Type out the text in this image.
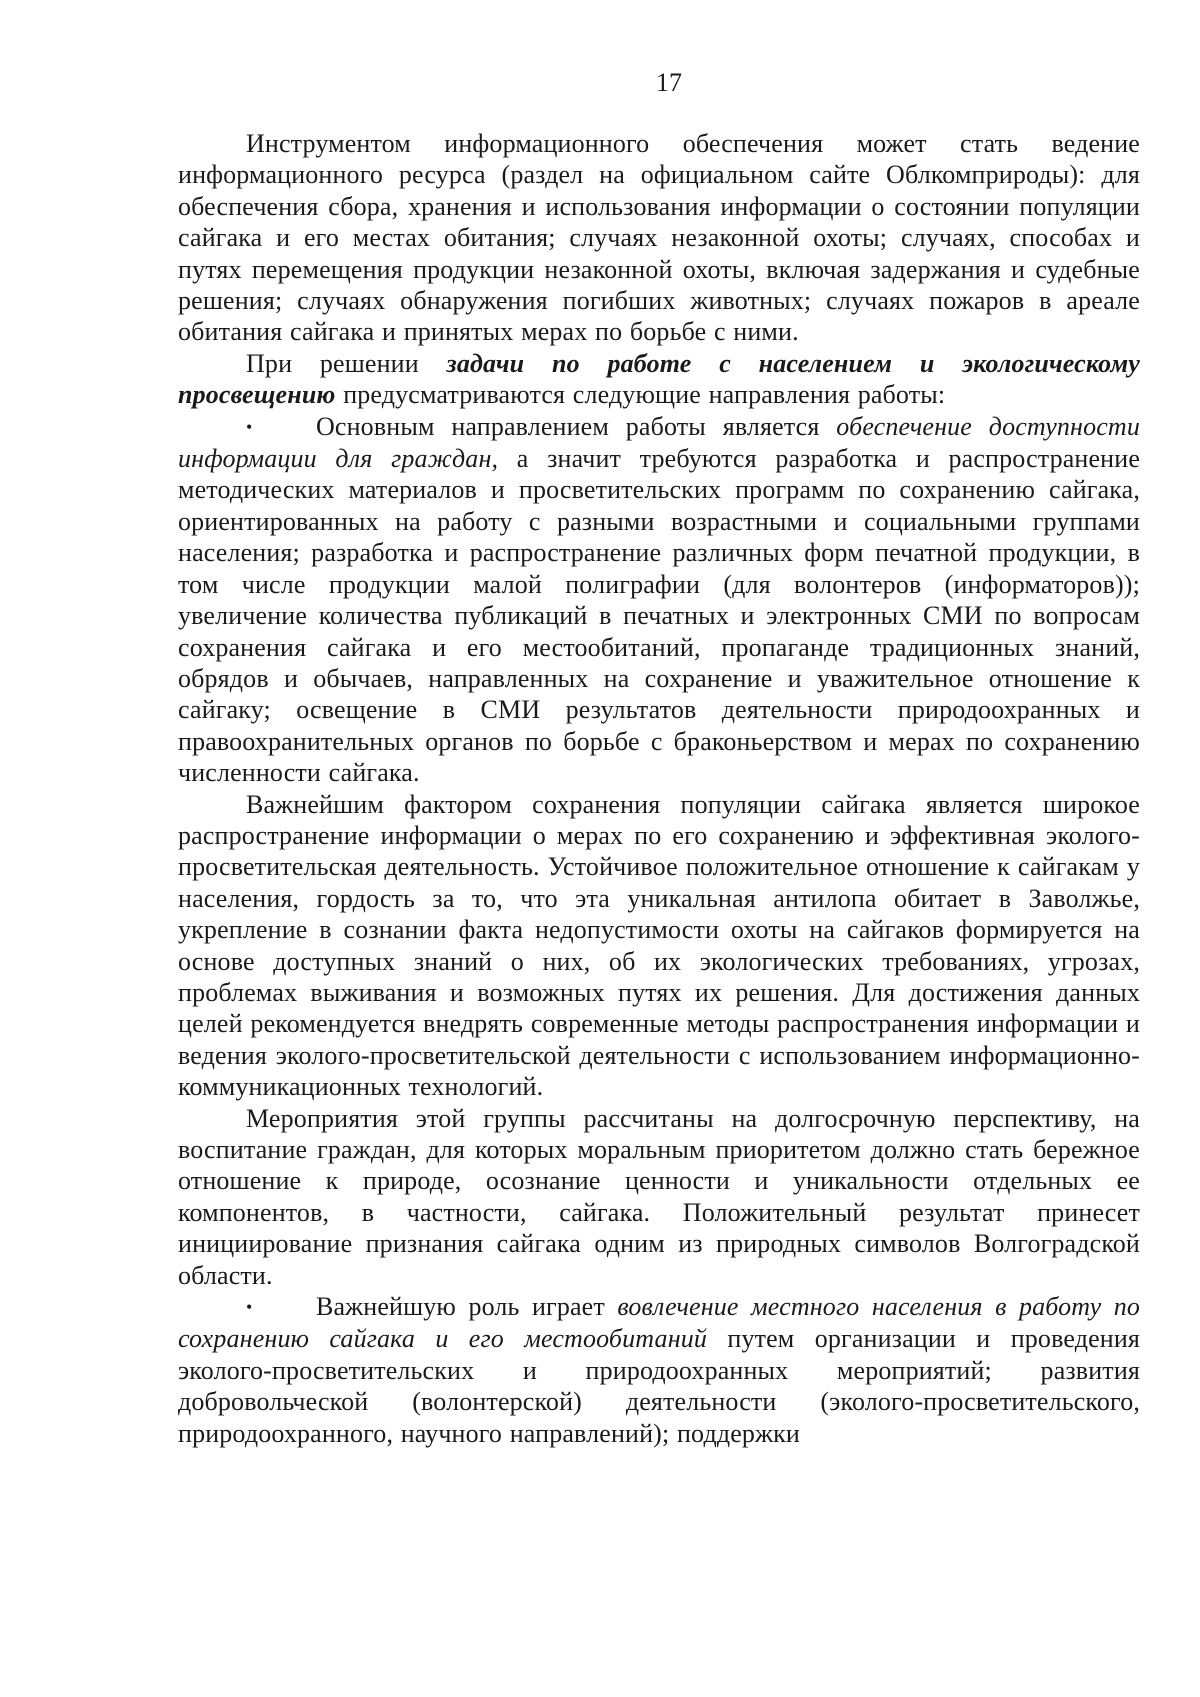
17

Инструментом информационного обеспечения может стать ведение информационного ресурса (раздел на официальном сайте Облкомприроды): для обеспечения сбора, хранения и использования информации о состоянии популяции сайгака и его местах обитания; случаях незаконной охоты; случаях, способах и путях перемещения продукции незаконной охоты, включая задержания и судебные решения; случаях обнаружения погибших животных; случаях пожаров в ареале обитания сайгака и принятых мерах по борьбе с ними.

При решении задачи по работе с населением и экологическому просвещению предусматриваются следующие направления работы:

• Основным направлением работы является обеспечение доступности информации для граждан, а значит требуются разработка и распространение методических материалов и просветительских программ по сохранению сайгака, ориентированных на работу с разными возрастными и социальными группами населения; разработка и распространение различных форм печатной продукции, в том числе продукции малой полиграфии (для волонтеров (информаторов)); увеличение количества публикаций в печатных и электронных СМИ по вопросам сохранения сайгака и его местообитаний, пропаганде традиционных знаний, обрядов и обычаев, направленных на сохранение и уважительное отношение к сайгаку; освещение в СМИ результатов деятельности природоохранных и правоохранительных органов по борьбе с браконьерством и мерах по сохранению численности сайгака.

Важнейшим фактором сохранения популяции сайгака является широкое распространение информации о мерах по его сохранению и эффективная эколого-просветительская деятельность. Устойчивое положительное отношение к сайгакам у населения, гордость за то, что эта уникальная антилопа обитает в Заволжье, укрепление в сознании факта недопустимости охоты на сайгаков формируется на основе доступных знаний о них, об их экологических требованиях, угрозах, проблемах выживания и возможных путях их решения. Для достижения данных целей рекомендуется внедрять современные методы распространения информации и ведения эколого-просветительской деятельности с использованием информационно-коммуникационных технологий.

Мероприятия этой группы рассчитаны на долгосрочную перспективу, на воспитание граждан, для которых моральным приоритетом должно стать бережное отношение к природе, осознание ценности и уникальности отдельных ее компонентов, в частности, сайгака. Положительный результат принесет инициирование признания сайгака одним из природных символов Волгоградской области.

• Важнейшую роль играет вовлечение местного населения в работу по сохранению сайгака и его местообитаний путем организации и проведения эколого-просветительских и природоохранных мероприятий; развития добровольческой (волонтерской) деятельности (эколого-просветительского, природоохранного, научного направлений); поддержки
